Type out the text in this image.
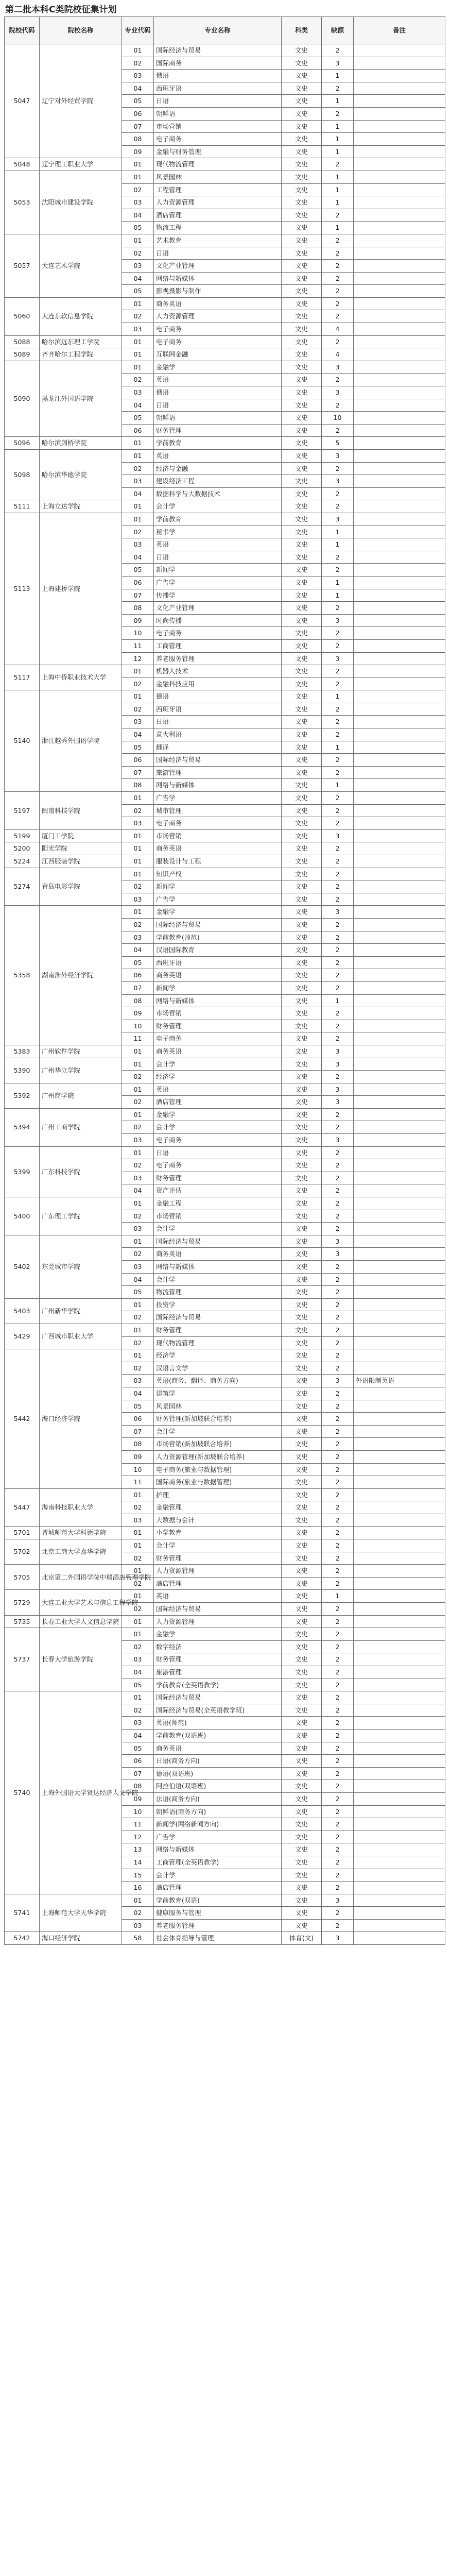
第二批本科C类院校征集计划
院校代码	院校名称	专业代码	专业名称	科类	缺额	备注
5047	辽宁对外经贸学院	01	国际经济与贸易	文史	2	
		02	国际商务	文史	3	
		03	俄语	文史	1	
		04	西班牙语	文史	2	
		05	日语	文史	1	
		06	朝鲜语	文史	2	
		07	市场营销	文史	1	
		08	电子商务	文史	1	
		09	金融与财务管理	文史	1	
5048	辽宁理工职业大学	01	现代物流管理	文史	2	
5053	沈阳城市建设学院	01	风景园林	文史	1	
		02	工程管理	文史	1	
		03	人力资源管理	文史	1	
		04	酒店管理	文史	2	
		05	物流工程	文史	1	
5057	大连艺术学院	01	艺术教育	文史	2	
		02	日语	文史	2	
		03	文化产业管理	文史	2	
		04	网络与新媒体	文史	2	
		05	影视摄影与制作	文史	2	
5060	大连东软信息学院	01	商务英语	文史	2	
		02	人力资源管理	文史	2	
		03	电子商务	文史	4	
5088	哈尔滨远东理工学院	01	电子商务	文史	2	
5089	齐齐哈尔工程学院	01	互联网金融	文史	4	
5090	黑龙江外国语学院	01	金融学	文史	3	
		02	英语	文史	2	
		03	俄语	文史	3	
		04	日语	文史	2	
		05	朝鲜语	文史	10	
		06	财务管理	文史	2	
5096	哈尔滨剑桥学院	01	学前教育	文史	5	
5098	哈尔滨华德学院	01	英语	文史	3	
		02	经济与金融	文史	2	
		03	建设经济工程	文史	3	
		04	数据科学与大数据技术	文史	2	
5111	上海立达学院	01	会计学	文史	2	
5113	上海建桥学院	01	学前教育	文史	3	
		02	秘书学	文史	1	
		03	英语	文史	1	
		04	日语	文史	2	
		05	新闻学	文史	2	
		06	广告学	文史	1	
		07	传播学	文史	1	
		08	文化产业管理	文史	2	
		09	时尚传播	文史	3	
		10	电子商务	文史	2	
		11	工商管理	文史	2	
		12	养老服务管理	文史	3	
5117	上海中侨职业技术大学	01	机器人技术	文史	2	
		02	金融科技应用	文史	2	
5140	浙江越秀外国语学院	01	德语	文史	1	
		02	西班牙语	文史	2	
		03	日语	文史	2	
		04	意大利语	文史	2	
		05	翻译	文史	1	
		06	国际经济与贸易	文史	2	
		07	旅游管理	文史	2	
		08	网络与新媒体	文史	1	
5197	闽南科技学院	01	广告学	文史	2	
		02	城市管理	文史	2	
		03	电子商务	文史	2	
5199	厦门工学院	01	市场营销	文史	3	
5200	阳光学院	01	商务英语	文史	2	
5224	江西服装学院	01	服装设计与工程	文史	2	
5274	青岛电影学院	01	知识产权	文史	2	
		02	新闻学	文史	2	
		03	广告学	文史	2	
5358	湖南涉外经济学院	01	金融学	文史	3	
		02	国际经济与贸易	文史	2	
		03	学前教育(师范)	文史	2	
		04	汉语国际教育	文史	2	
		05	西班牙语	文史	2	
		06	商务英语	文史	2	
		07	新闻学	文史	2	
		08	网络与新媒体	文史	1	
		09	市场营销	文史	2	
		10	财务管理	文史	2	
		11	电子商务	文史	2	
5383	广州软件学院	01	商务英语	文史	3	
5390	广州华立学院	01	会计学	文史	3	
		02	经济学	文史	2	
5392	广州商学院	01	英语	文史	3	
		02	酒店管理	文史	3	
5394	广州工商学院	01	金融学	文史	2	
		02	会计学	文史	2	
		03	电子商务	文史	3	
5399	广东科技学院	01	日语	文史	2	
		02	电子商务	文史	2	
		03	财务管理	文史	2	
		04	资产评估	文史	2	
5400	广东理工学院	01	金融工程	文史	2	
		02	市场营销	文史	2	
		03	会计学	文史	2	
5402	东莞城市学院	01	国际经济与贸易	文史	3	
		02	商务英语	文史	3	
		03	网络与新媒体	文史	2	
		04	会计学	文史	2	
		05	物流管理	文史	2	
5403	广州新华学院	01	投资学	文史	2	
		02	国际经济与贸易	文史	2	
5429	广西城市职业大学	01	财务管理	文史	2	
		02	现代物流管理	文史	2	
5442	海口经济学院	01	经济学	文史	2	
		02	汉语言文学	文史	2	
		03	英语(商务、翻译、商务方向)	文史	3	外语限制英语
		04	建筑学	文史	2	
		05	风景园林	文史	2	
		06	财务管理(新加坡联合培养)	文史	2	
		07	会计学	文史	2	
		08	市场营销(新加坡联合培养)	文史	2	
		09	人力资源管理(新加坡联合培养)	文史	2	
		10	电子商务(旅业与数据管理)	文史	2	
		11	国际商务(旅业与数据管理)	文史	2	
5447	海南科技职业大学	01	护理	文史	2	
		02	金融管理	文史	2	
		03	大数据与会计	文史	2	
5701	晋城师范大学科德学院	01	小学教育	文史	2	
5702	北京工商大学嘉华学院	01	会计学	文史	2	
		02	财务管理	文史	2	
5705	北京第二外国语学院中瑞酒店管理学院	01	人力资源管理	文史	2	
		02	酒店管理	文史	2	
5729	大连工业大学艺术与信息工程学院	01	英语	文史	1	
		02	国际经济与贸易	文史	2	
5735	长春工业大学人文信息学院	01	人力资源管理	文史	2	
5737	长春大学旅游学院	01	金融学	文史	2	
		02	数字经济	文史	2	
		03	财务管理	文史	2	
		04	旅游管理	文史	2	
		05	学前教育(全英语教学)	文史	2	
5740	上海外国语大学贤达经济人文学院	01	国际经济与贸易	文史	2	
		02	国际经济与贸易(全英语教学班)	文史	2	
		03	英语(师范)	文史	2	
		04	学前教育(双语班)	文史	2	
		05	商务英语	文史	2	
		06	日语(商务方向)	文史	2	
		07	德语(双语班)	文史	2	
		08	阿拉伯语(双语班)	文史	2	
		09	法语(商务方向)	文史	2	
		10	朝鲜语(商务方向)	文史	2	
		11	新闻学(网络新闻方向)	文史	2	
		12	广告学	文史	2	
		13	网络与新媒体	文史	2	
		14	工商管理(全英语教学)	文史	2	
		15	会计学	文史	2	
		16	酒店管理	文史	2	
5741	上海师范大学天华学院	01	学前教育(双语)	文史	3	
		02	健康服务与管理	文史	2	
		03	养老服务管理	文史	2	
5742	海口经济学院	58	社会体育指导与管理	体育(文)	3	
